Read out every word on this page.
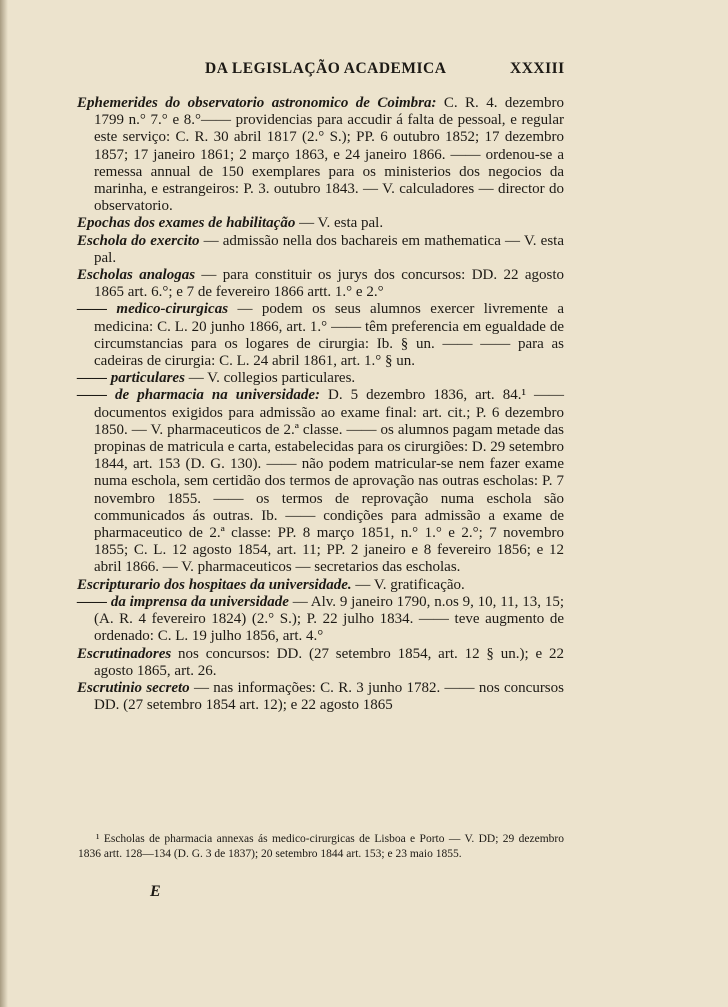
DA LEGISLAÇÃO ACADEMICA	XXXIII

Ephemerides do observatorio astronomico de Coimbra: C. R. 4. dezembro 1799 n.° 7.° e 8.°—— providencias para accudir á falta de pessoal, e regular este serviço: C. R. 30 abril 1817 (2.° S.); PP. 6 outubro 1852; 17 dezembro 1857; 17 janeiro 1861; 2 março 1863, e 24 janeiro 1866. —— ordenou-se a remessa annual de 150 exemplares para os ministerios dos negocios da marinha, e estrangeiros: P. 3. outubro 1843. — V. calculadores — director do observatorio.

Epochas dos exames de habilitação — V. esta pal.

Eschola do exercito — admissão nella dos bachareis em mathematica — V. esta pal.

Escholas analogas — para constituir os jurys dos concursos: DD. 22 agosto 1865 art. 6.°; e 7 de fevereiro 1866 artt. 1.° e 2.°

—— medico-cirurgicas — podem os seus alumnos exercer livremente a medicina: C. L. 20 junho 1866, art. 1.° —— têm preferencia em egualdade de circumstancias para os logares de cirurgia: Ib. § un. —— —— para as cadeiras de cirurgia: C. L. 24 abril 1861, art. 1.° § un.

—— particulares — V. collegios particulares.

—— de pharmacia na universidade: D. 5 dezembro 1836, art. 84.¹ —— documentos exigidos para admissão ao exame final: art. cit.; P. 6 dezembro 1850. — V. pharmaceuticos de 2.ª classe. —— os alumnos pagam metade das propinas de matricula e carta, estabelecidas para os cirurgiões: D. 29 setembro 1844, art. 153 (D. G. 130). —— não podem matricular-se nem fazer exame numa eschola, sem certidão dos termos de aprovação nas outras escholas: P. 7 novembro 1855. —— os termos de reprovação numa eschola são communicados ás outras. Ib. —— condições para admissão a exame de pharmaceutico de 2.ª classe: PP. 8 março 1851, n.° 1.° e 2.°; 7 novembro 1855; C. L. 12 agosto 1854, art. 11; PP. 2 janeiro e 8 fevereiro 1856; e 12 abril 1866. — V. pharmaceuticos — secretarios das escholas.

Escripturario dos hospitaes da universidade. — V. gratificação.

—— da imprensa da universidade — Alv. 9 janeiro 1790, n.os 9, 10, 11, 13, 15; (A. R. 4 fevereiro 1824) (2.° S.); P. 22 julho 1834. —— teve augmento de ordenado: C. L. 19 julho 1856, art. 4.°

Escrutinadores nos concursos: DD. (27 setembro 1854, art. 12 § un.); e 22 agosto 1865, art. 26.

Escrutinio secreto — nas informações: C. R. 3 junho 1782. —— nos concursos DD. (27 setembro 1854 art. 12); e 22 agosto 1865

¹ Escholas de pharmacia annexas ás medico-cirurgicas de Lisboa e Porto — V. DD; 29 dezembro 1836 artt. 128—134 (D. G. 3 de 1837); 20 setembro 1844 art. 153; e 23 maio 1855.

E
